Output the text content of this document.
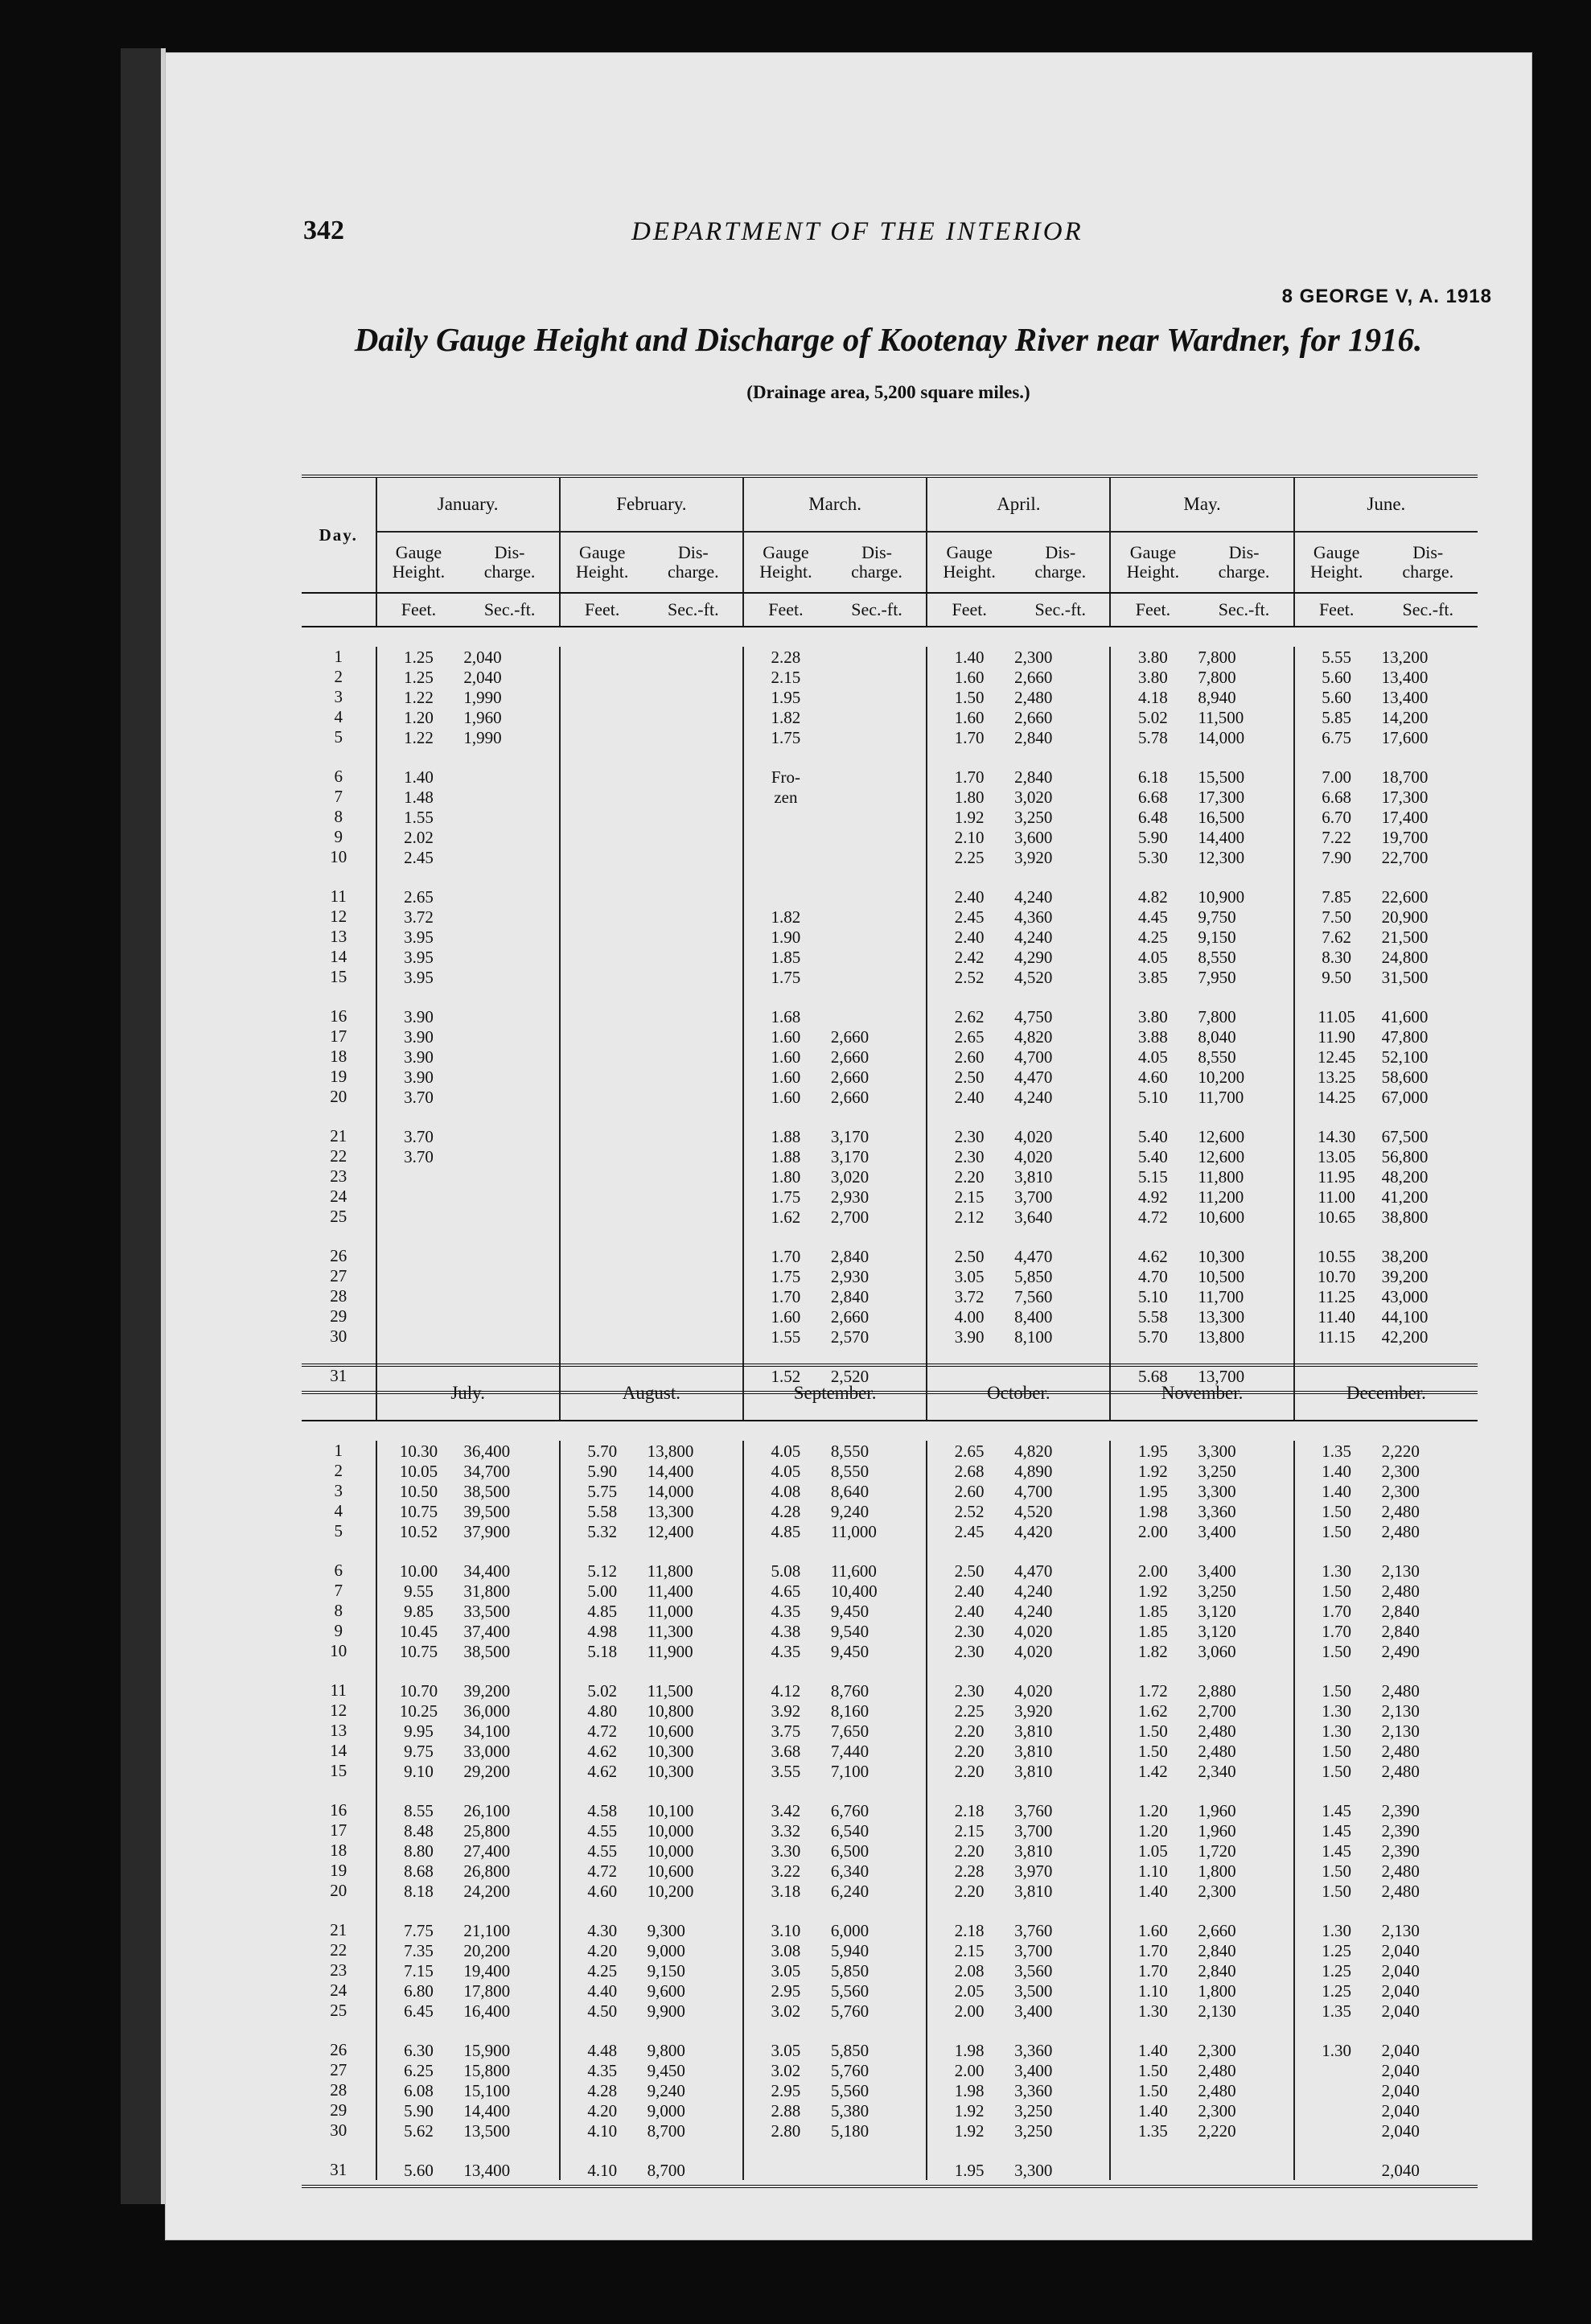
342	DEPARTMENT OF THE INTERIOR
8 GEORGE V, A. 1918
Daily Gauge Height and Discharge of Kootenay River near Wardner, for 1916.
(Drainage area, 5,200 square miles.)

Day.	January.		February.		March.		April.		May.		June.	
	Gauge
Height.	Dis-
charge.	Gauge
Height.	Dis-
charge.	Gauge
Height.	Dis-
charge.	Gauge
Height.	Dis-
charge.	Gauge
Height.	Dis-
charge.	Gauge
Height.	Dis-
charge.
	Feet.	Sec.-ft.	Feet.	Sec.-ft.	Feet.	Sec.-ft.	Feet.	Sec.-ft.	Feet.	Sec.-ft.	Feet.	Sec.-ft.

1	1.25	2,040			2.28		1.40	2,300	3.80	7,800	5.55	13,200
2	1.25	2,040			2.15		1.60	2,660	3.80	7,800	5.60	13,400
3	1.22	1,990			1.95		1.50	2,480	4.18	8,940	5.60	13,400
4	1.20	1,960			1.82		1.60	2,660	5.02	11,500	5.85	14,200
5	1.22	1,990			1.75		1.70	2,840	5.78	14,000	6.75	17,600

6	1.40				Fro-		1.70	2,840	6.18	15,500	7.00	18,700
7	1.48				zen		1.80	3,020	6.68	17,300	6.68	17,300
8	1.55						1.92	3,250	6.48	16,500	6.70	17,400
9	2.02						2.10	3,600	5.90	14,400	7.22	19,700
10	2.45						2.25	3,920	5.30	12,300	7.90	22,700

11	2.65						2.40	4,240	4.82	10,900	7.85	22,600
12	3.72				1.82		2.45	4,360	4.45	9,750	7.50	20,900
13	3.95				1.90		2.40	4,240	4.25	9,150	7.62	21,500
14	3.95				1.85		2.42	4,290	4.05	8,550	8.30	24,800
15	3.95				1.75		2.52	4,520	3.85	7,950	9.50	31,500

16	3.90				1.68		2.62	4,750	3.80	7,800	11.05	41,600
17	3.90				1.60	2,660	2.65	4,820	3.88	8,040	11.90	47,800
18	3.90				1.60	2,660	2.60	4,700	4.05	8,550	12.45	52,100
19	3.90				1.60	2,660	2.50	4,470	4.60	10,200	13.25	58,600
20	3.70				1.60	2,660	2.40	4,240	5.10	11,700	14.25	67,000

21	3.70				1.88	3,170	2.30	4,020	5.40	12,600	14.30	67,500
22	3.70				1.88	3,170	2.30	4,020	5.40	12,600	13.05	56,800
23					1.80	3,020	2.20	3,810	5.15	11,800	11.95	48,200
24					1.75	2,930	2.15	3,700	4.92	11,200	11.00	41,200
25					1.62	2,700	2.12	3,640	4.72	10,600	10.65	38,800

26					1.70	2,840	2.50	4,470	4.62	10,300	10.55	38,200
27					1.75	2,930	3.05	5,850	4.70	10,500	10.70	39,200
28					1.70	2,840	3.72	7,560	5.10	11,700	11.25	43,000
29					1.60	2,660	4.00	8,400	5.58	13,300	11.40	44,100
30					1.55	2,570	3.90	8,100	5.70	13,800	11.15	42,200

31					1.52	2,520			5.68	13,700		

	July.		August.		September.		October.		November.		December.	

1	10.30	36,400	5.70	13,800	4.05	8,550	2.65	4,820	1.95	3,300	1.35	2,220
2	10.05	34,700	5.90	14,400	4.05	8,550	2.68	4,890	1.92	3,250	1.40	2,300
3	10.50	38,500	5.75	14,000	4.08	8,640	2.60	4,700	1.95	3,300	1.40	2,300
4	10.75	39,500	5.58	13,300	4.28	9,240	2.52	4,520	1.98	3,360	1.50	2,480
5	10.52	37,900	5.32	12,400	4.85	11,000	2.45	4,420	2.00	3,400	1.50	2,480

6	10.00	34,400	5.12	11,800	5.08	11,600	2.50	4,470	2.00	3,400	1.30	2,130
7	9.55	31,800	5.00	11,400	4.65	10,400	2.40	4,240	1.92	3,250	1.50	2,480
8	9.85	33,500	4.85	11,000	4.35	9,450	2.40	4,240	1.85	3,120	1.70	2,840
9	10.45	37,400	4.98	11,300	4.38	9,540	2.30	4,020	1.85	3,120	1.70	2,840
10	10.75	38,500	5.18	11,900	4.35	9,450	2.30	4,020	1.82	3,060	1.50	2,490

11	10.70	39,200	5.02	11,500	4.12	8,760	2.30	4,020	1.72	2,880	1.50	2,480
12	10.25	36,000	4.80	10,800	3.92	8,160	2.25	3,920	1.62	2,700	1.30	2,130
13	9.95	34,100	4.72	10,600	3.75	7,650	2.20	3,810	1.50	2,480	1.30	2,130
14	9.75	33,000	4.62	10,300	3.68	7,440	2.20	3,810	1.50	2,480	1.50	2,480
15	9.10	29,200	4.62	10,300	3.55	7,100	2.20	3,810	1.42	2,340	1.50	2,480

16	8.55	26,100	4.58	10,100	3.42	6,760	2.18	3,760	1.20	1,960	1.45	2,390
17	8.48	25,800	4.55	10,000	3.32	6,540	2.15	3,700	1.20	1,960	1.45	2,390
18	8.80	27,400	4.55	10,000	3.30	6,500	2.20	3,810	1.05	1,720	1.45	2,390
19	8.68	26,800	4.72	10,600	3.22	6,340	2.28	3,970	1.10	1,800	1.50	2,480
20	8.18	24,200	4.60	10,200	3.18	6,240	2.20	3,810	1.40	2,300	1.50	2,480

21	7.75	21,100	4.30	9,300	3.10	6,000	2.18	3,760	1.60	2,660	1.30	2,130
22	7.35	20,200	4.20	9,000	3.08	5,940	2.15	3,700	1.70	2,840	1.25	2,040
23	7.15	19,400	4.25	9,150	3.05	5,850	2.08	3,560	1.70	2,840	1.25	2,040
24	6.80	17,800	4.40	9,600	2.95	5,560	2.05	3,500	1.10	1,800	1.25	2,040
25	6.45	16,400	4.50	9,900	3.02	5,760	2.00	3,400	1.30	2,130	1.35	2,040

26	6.30	15,900	4.48	9,800	3.05	5,850	1.98	3,360	1.40	2,300	1.30	2,040
27	6.25	15,800	4.35	9,450	3.02	5,760	2.00	3,400	1.50	2,480		2,040
28	6.08	15,100	4.28	9,240	2.95	5,560	1.98	3,360	1.50	2,480		2,040
29	5.90	14,400	4.20	9,000	2.88	5,380	1.92	3,250	1.40	2,300		2,040
30	5.62	13,500	4.10	8,700	2.80	5,180	1.92	3,250	1.35	2,220		2,040

31	5.60	13,400	4.10	8,700			1.95	3,300				2,040
